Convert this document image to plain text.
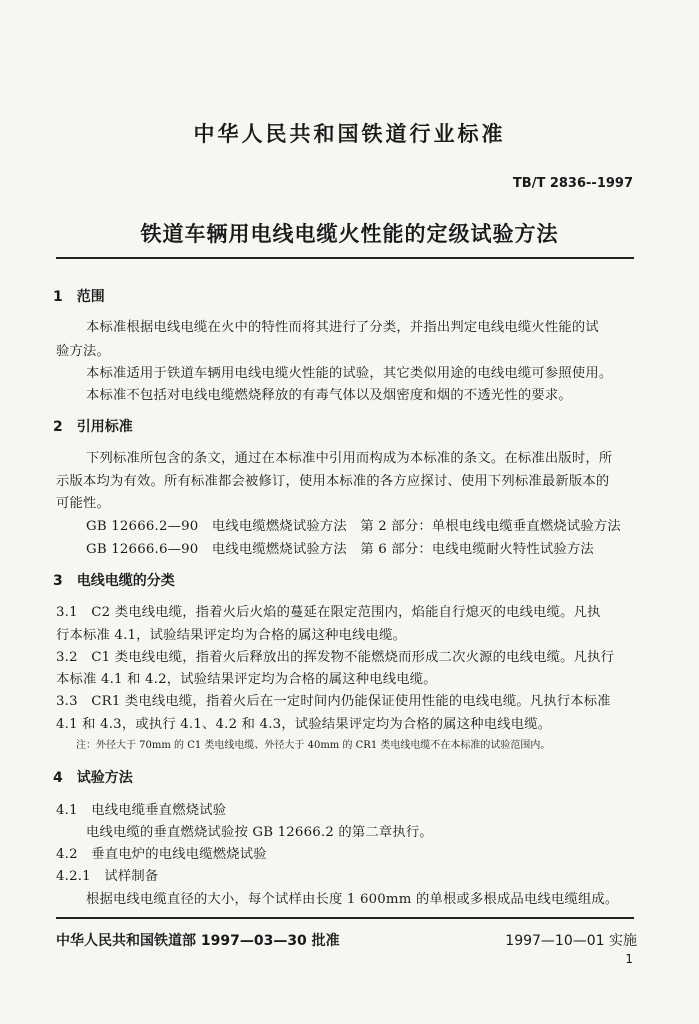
中华人民共和国铁道行业标准
TB/T 2836--1997
铁道车辆用电线电缆火性能的定级试验方法
1　范围
本标准根据电线电缆在火中的特性而将其进行了分类，并指出判定电线电缆火性能的试
验方法。
本标准适用于铁道车辆用电线电缆火性能的试验，其它类似用途的电线电缆可参照使用。
本标准不包括对电线电缆燃烧释放的有毒气体以及烟密度和烟的不透光性的要求。
2　引用标准
下列标准所包含的条文，通过在本标准中引用而构成为本标准的条文。在标准出版时，所
示版本均为有效。所有标准都会被修订，使用本标准的各方应探讨、使用下列标准最新版本的
可能性。
GB 12666.2—90　电线电缆燃烧试验方法　第 2 部分：单根电线电缆垂直燃烧试验方法
GB 12666.6—90　电线电缆燃烧试验方法　第 6 部分：电线电缆耐火特性试验方法
3　电线电缆的分类
3.1　C2 类电线电缆，指着火后火焰的蔓延在限定范围内，焰能自行熄灭的电线电缆。凡执
行本标准 4.1，试验结果评定均为合格的属这种电线电缆。
3.2　C1 类电线电缆，指着火后释放出的挥发物不能燃烧而形成二次火源的电线电缆。凡执行
本标准 4.1 和 4.2，试验结果评定均为合格的属这种电线电缆。
3.3　CR1 类电线电缆，指着火后在一定时间内仍能保证使用性能的电线电缆。凡执行本标准
4.1 和 4.3，或执行 4.1、4.2 和 4.3，试验结果评定均为合格的属这种电线电缆。
注：外径大于 70mm 的 C1 类电线电缆、外径大于 40mm 的 CR1 类电线电缆不在本标准的试验范围内。
4　试验方法
4.1　电线电缆垂直燃烧试验
电线电缆的垂直燃烧试验按 GB 12666.2 的第二章执行。
4.2　垂直电炉的电线电缆燃烧试验
4.2.1　试样制备
根据电线电缆直径的大小，每个试样由长度 1 600mm 的单根或多根成品电线电缆组成。
中华人民共和国铁道部 1997—03—30 批准	1997—10—01 实施
1
